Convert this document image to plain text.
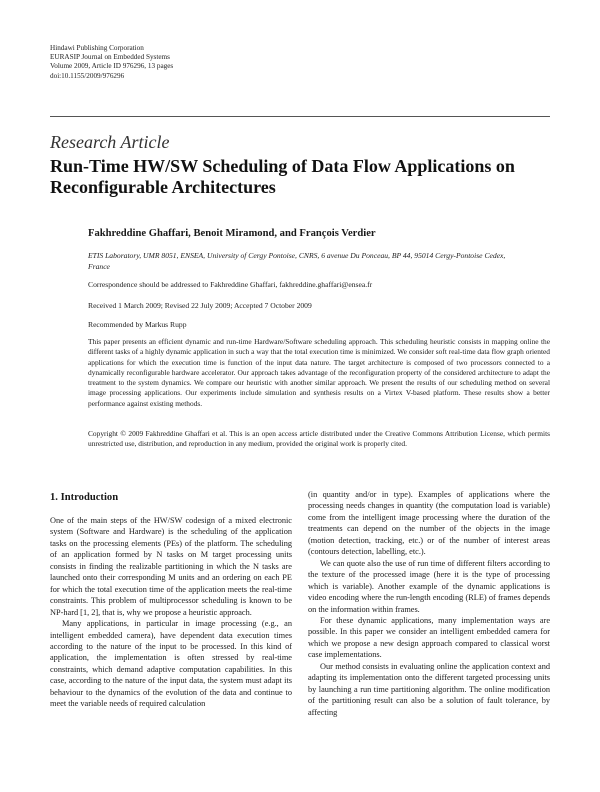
Hindawi Publishing Corporation
EURASIP Journal on Embedded Systems
Volume 2009, Article ID 976296, 13 pages
doi:10.1155/2009/976296
Research Article
Run-Time HW/SW Scheduling of Data Flow Applications on Reconfigurable Architectures
Fakhreddine Ghaffari, Benoit Miramond, and François Verdier
ETIS Laboratory, UMR 8051, ENSEA, University of Cergy Pontoise, CNRS, 6 avenue Du Ponceau, BP 44, 95014 Cergy-Pontoise Cedex, France
Correspondence should be addressed to Fakhreddine Ghaffari, fakhreddine.ghaffari@ensea.fr
Received 1 March 2009; Revised 22 July 2009; Accepted 7 October 2009
Recommended by Markus Rupp
This paper presents an efficient dynamic and run-time Hardware/Software scheduling approach. This scheduling heuristic consists in mapping online the different tasks of a highly dynamic application in such a way that the total execution time is minimized. We consider soft real-time data flow graph oriented applications for which the execution time is function of the input data nature. The target architecture is composed of two processors connected to a dynamically reconfigurable hardware accelerator. Our approach takes advantage of the reconfiguration property of the considered architecture to adapt the treatment to the system dynamics. We compare our heuristic with another similar approach. We present the results of our scheduling method on several image processing applications. Our experiments include simulation and synthesis results on a Virtex V-based platform. These results show a better performance against existing methods.
Copyright © 2009 Fakhreddine Ghaffari et al. This is an open access article distributed under the Creative Commons Attribution License, which permits unrestricted use, distribution, and reproduction in any medium, provided the original work is properly cited.
1. Introduction

One of the main steps of the HW/SW codesign of a mixed electronic system (Software and Hardware) is the scheduling of the application tasks on the processing elements (PEs) of the platform. The scheduling of an application formed by N tasks on M target processing units consists in finding the realizable partitioning in which the N tasks are launched onto their corresponding M units and an ordering on each PE for which the total execution time of the application meets the real-time constraints. This problem of multiprocessor scheduling is known to be NP-hard [1, 2], that is, why we propose a heuristic approach.

Many applications, in particular in image processing (e.g., an intelligent embedded camera), have dependent data execution times according to the nature of the input to be processed. In this kind of application, the implementation is often stressed by real-time constraints, which demand adaptive computation capabilities. In this case, according to the nature of the input data, the system must adapt its behaviour to the dynamics of the evolution of the data and continue to meet the variable needs of required calculation

(in quantity and/or in type). Examples of applications where the processing needs changes in quantity (the computation load is variable) come from the intelligent image processing where the duration of the treatments can depend on the number of the objects in the image (motion detection, tracking, etc.) or of the number of interest areas (contours detection, labelling, etc.).

We can quote also the use of run time of different filters according to the texture of the processed image (here it is the type of processing which is variable). Another example of the dynamic applications is video encoding where the run-length encoding (RLE) of frames depends on the information within frames.

For these dynamic applications, many implementation ways are possible. In this paper we consider an intelligent embedded camera for which we propose a new design approach compared to classical worst case implementations.

Our method consists in evaluating online the application context and adapting its implementation onto the different targeted processing units by launching a run time partitioning algorithm. The online modification of the partitioning result can also be a solution of fault tolerance, by affecting
